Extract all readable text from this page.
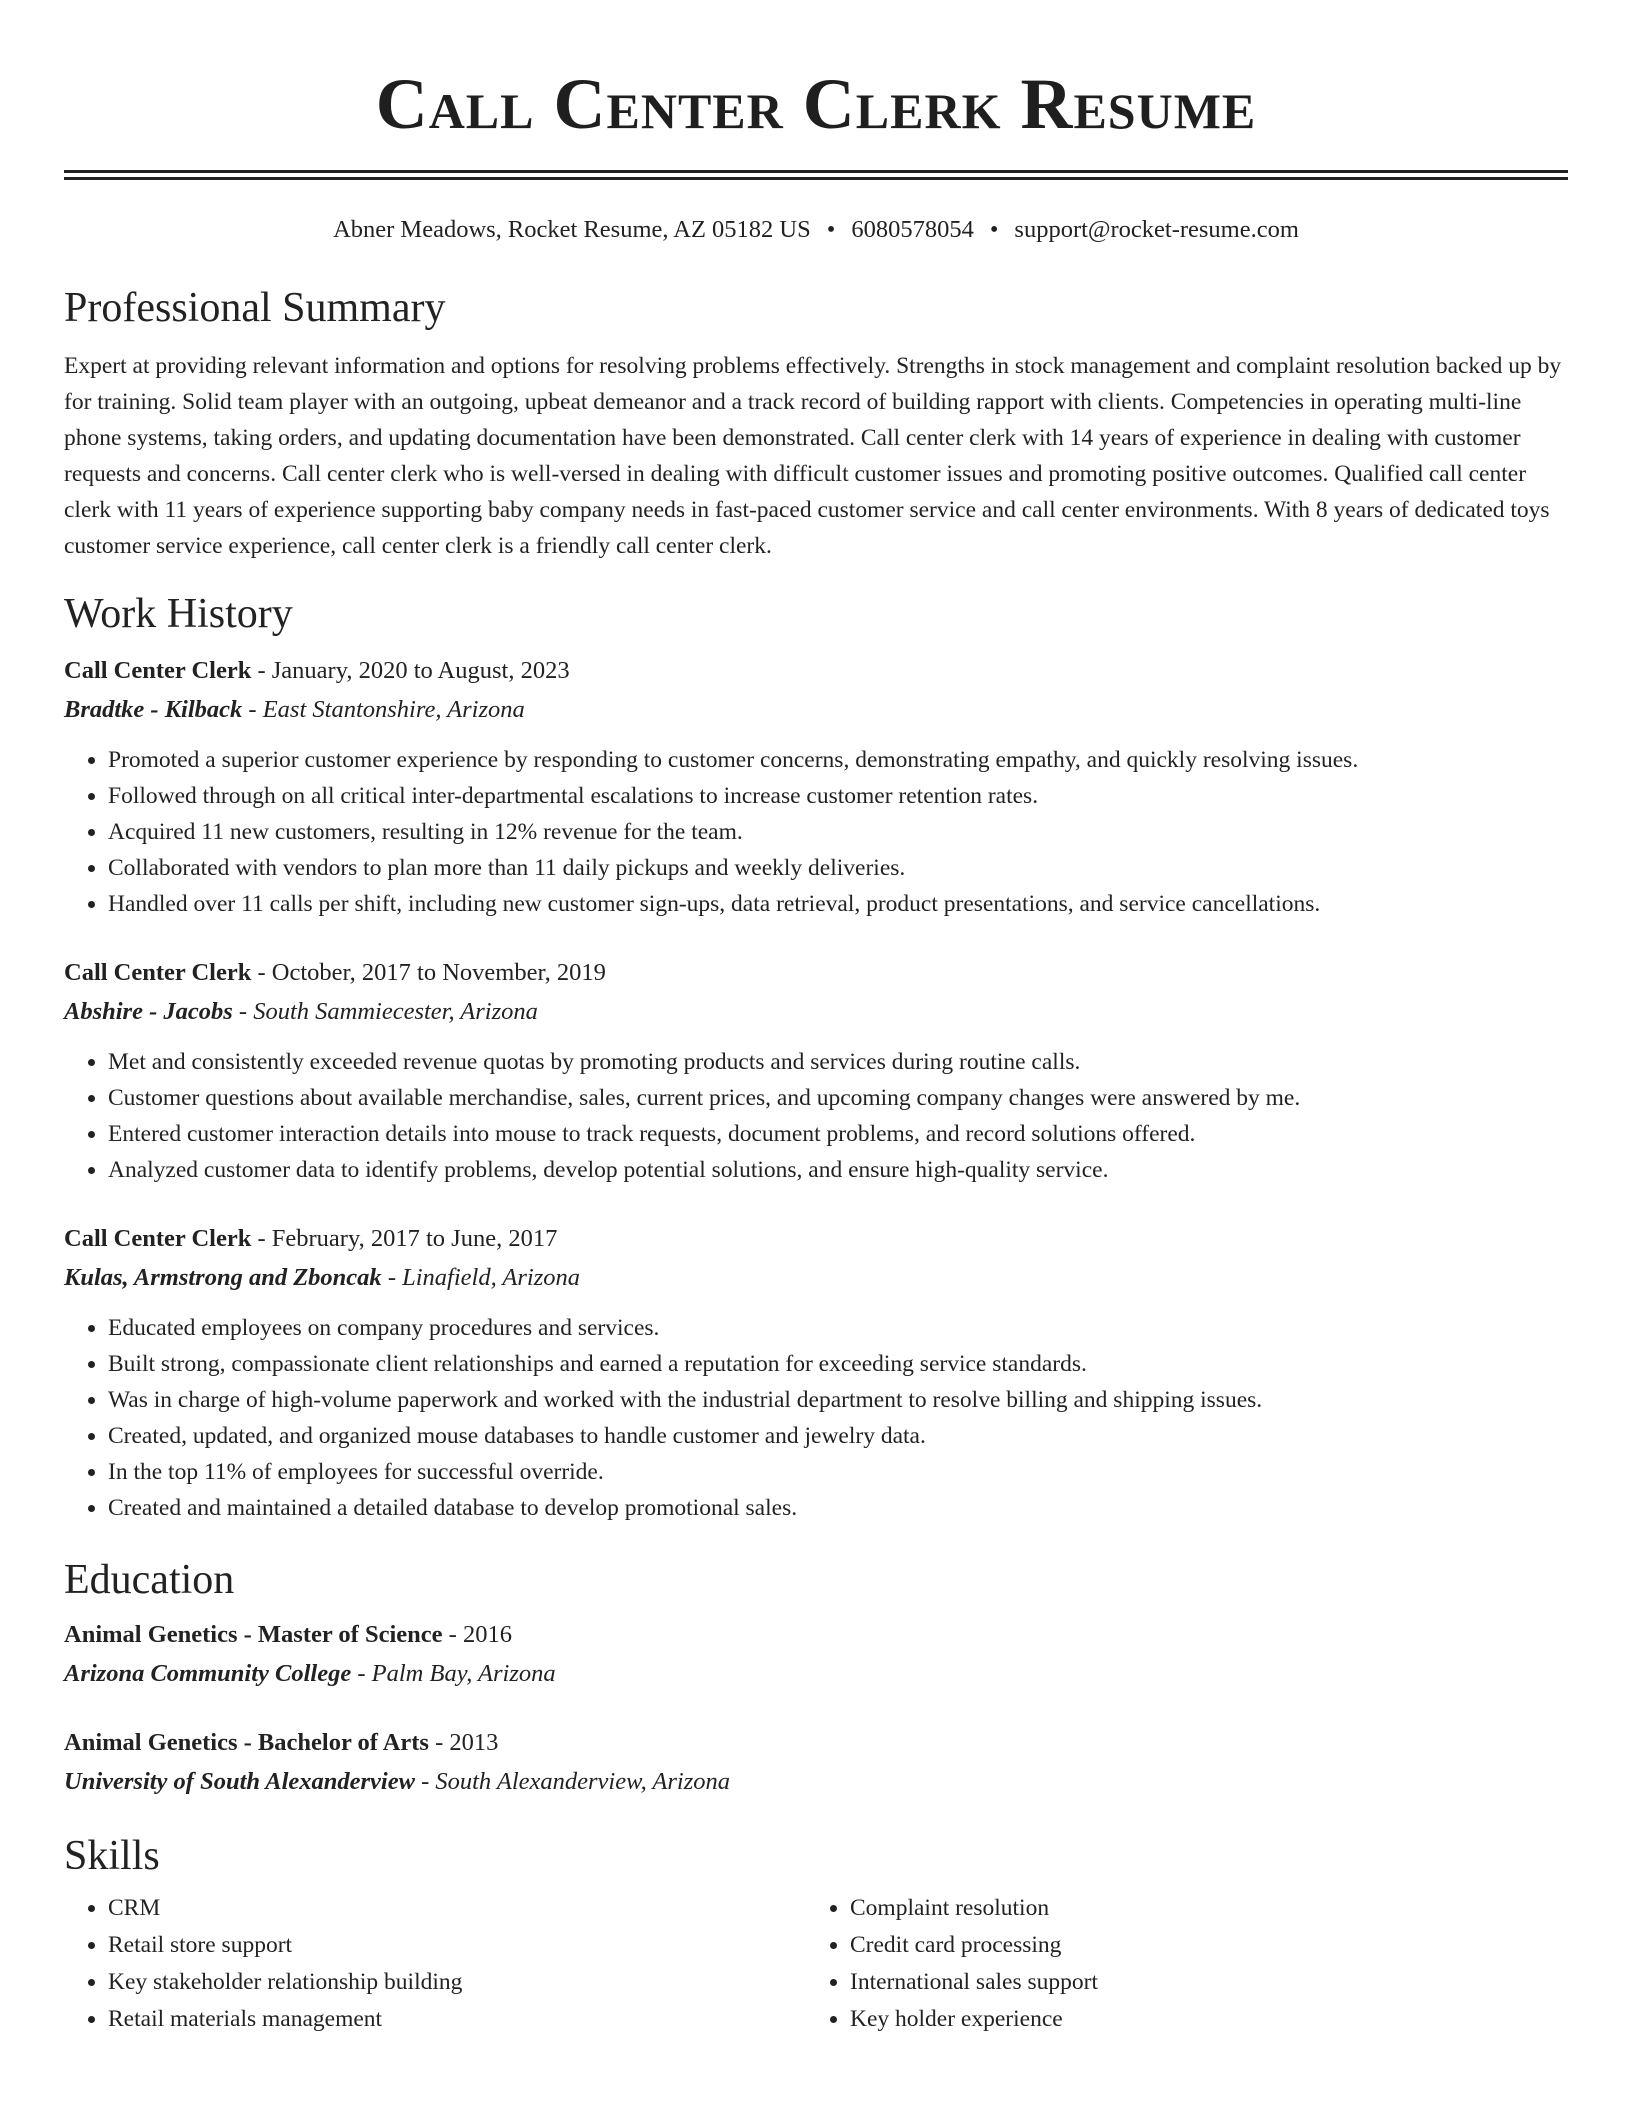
Call Center Clerk Resume
Abner Meadows, Rocket Resume, AZ 05182 US • 6080578054 • support@rocket-resume.com
Professional Summary

Expert at providing relevant information and options for resolving problems effectively. Strengths in stock management and complaint resolution backed up by for training. Solid team player with an outgoing, upbeat demeanor and a track record of building rapport with clients. Competencies in operating multi-line phone systems, taking orders, and updating documentation have been demonstrated. Call center clerk with 14 years of experience in dealing with customer requests and concerns. Call center clerk who is well-versed in dealing with difficult customer issues and promoting positive outcomes. Qualified call center clerk with 11 years of experience supporting baby company needs in fast-paced customer service and call center environments. With 8 years of dedicated toys customer service experience, call center clerk is a friendly call center clerk.

Work History
Call Center Clerk - January, 2020 to August, 2023
Bradtke - Kilback - East Stantonshire, Arizona
• Promoted a superior customer experience by responding to customer concerns, demonstrating empathy, and quickly resolving issues.
• Followed through on all critical inter-departmental escalations to increase customer retention rates.
• Acquired 11 new customers, resulting in 12% revenue for the team.
• Collaborated with vendors to plan more than 11 daily pickups and weekly deliveries.
• Handled over 11 calls per shift, including new customer sign-ups, data retrieval, product presentations, and service cancellations.
Call Center Clerk - October, 2017 to November, 2019
Abshire - Jacobs - South Sammiecester, Arizona
• Met and consistently exceeded revenue quotas by promoting products and services during routine calls.
• Customer questions about available merchandise, sales, current prices, and upcoming company changes were answered by me.
• Entered customer interaction details into mouse to track requests, document problems, and record solutions offered.
• Analyzed customer data to identify problems, develop potential solutions, and ensure high-quality service.
Call Center Clerk - February, 2017 to June, 2017
Kulas, Armstrong and Zboncak - Linafield, Arizona
• Educated employees on company procedures and services.
• Built strong, compassionate client relationships and earned a reputation for exceeding service standards.
• Was in charge of high-volume paperwork and worked with the industrial department to resolve billing and shipping issues.
• Created, updated, and organized mouse databases to handle customer and jewelry data.
• In the top 11% of employees for successful override.
• Created and maintained a detailed database to develop promotional sales.
Education
Animal Genetics - Master of Science - 2016
Arizona Community College - Palm Bay, Arizona
Animal Genetics - Bachelor of Arts - 2013
University of South Alexanderview - South Alexanderview, Arizona
Skills
• CRM
• Retail store support
• Key stakeholder relationship building
• Retail materials management
• Complaint resolution
• Credit card processing
• International sales support
• Key holder experience
